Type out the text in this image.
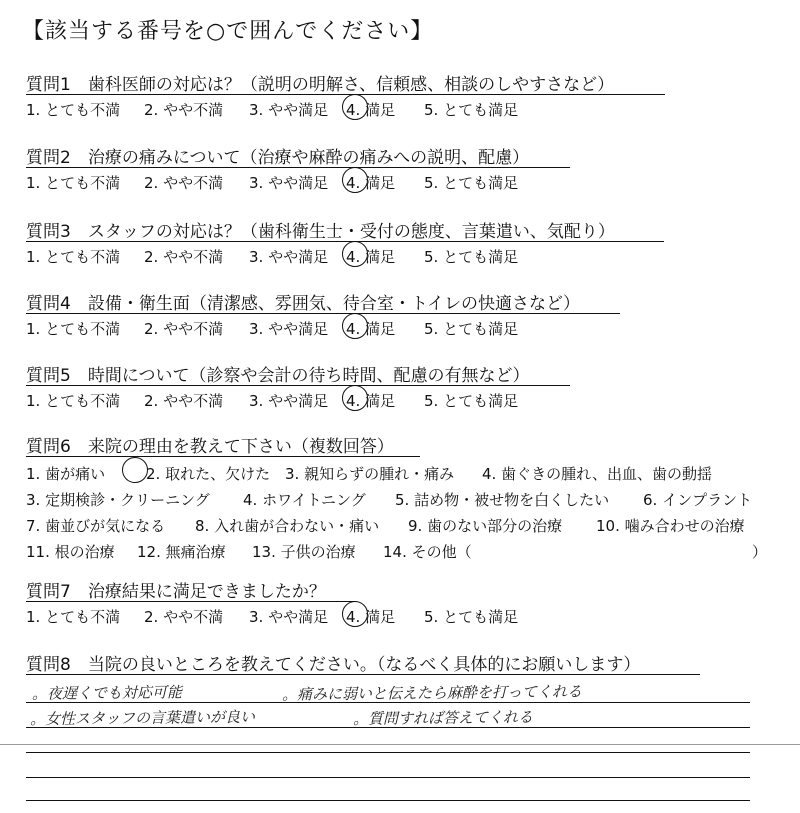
【該当する番号を○で囲んでください】
質問1　歯科医師の対応は？（説明の明解さ、信頼感、相談のしやすさなど）
1. とても不満 2. やや不満 3. やや満足 4. 満足 5. とても満足
質問2　治療の痛みについて（治療や麻酔の痛みへの説明、配慮）
1. とても不満 2. やや不満 3. やや満足 4. 満足 5. とても満足
質問3　スタッフの対応は？（歯科衛生士・受付の態度、言葉遣い、気配り）
1. とても不満 2. やや不満 3. やや満足 4. 満足 5. とても満足
質問4　設備・衛生面（清潔感、雰囲気、待合室・トイレの快適さなど）
1. とても不満 2. やや不満 3. やや満足 4. 満足 5. とても満足
質問5　時間について（診察や会計の待ち時間、配慮の有無など）
1. とても不満 2. やや不満 3. やや満足 4. 満足 5. とても満足
質問6　来院の理由を教えて下さい（複数回答）
質問7　治療結果に満足できましたか？
1. とても不満 2. やや不満 3. やや満足 4. 満足 5. とても満足
質問8　当院の良いところを教えてください。（なるべく具体的にお願いします）
1. 歯が痛い	2. 取れた、欠けた 3. 親知らずの腫れ・痛み 4. 歯ぐきの腫れ、出血、歯の動揺
3. 定期検診・クリーニング 4. ホワイトニング 5. 詰め物・被せ物を白くしたい 6. インプラント
7. 歯並びが気になる 8. 入れ歯が合わない・痛い 9. 歯のない部分の治療 10. 噛み合わせの治療
11. 根の治療 12. 無痛治療 13. 子供の治療 14. その他（	）
。夜遅くでも対応可能	。痛みに弱いと伝えたら麻酔を打ってくれる
。女性スタッフの言葉遣いが良い	。質問すれば答えてくれる
